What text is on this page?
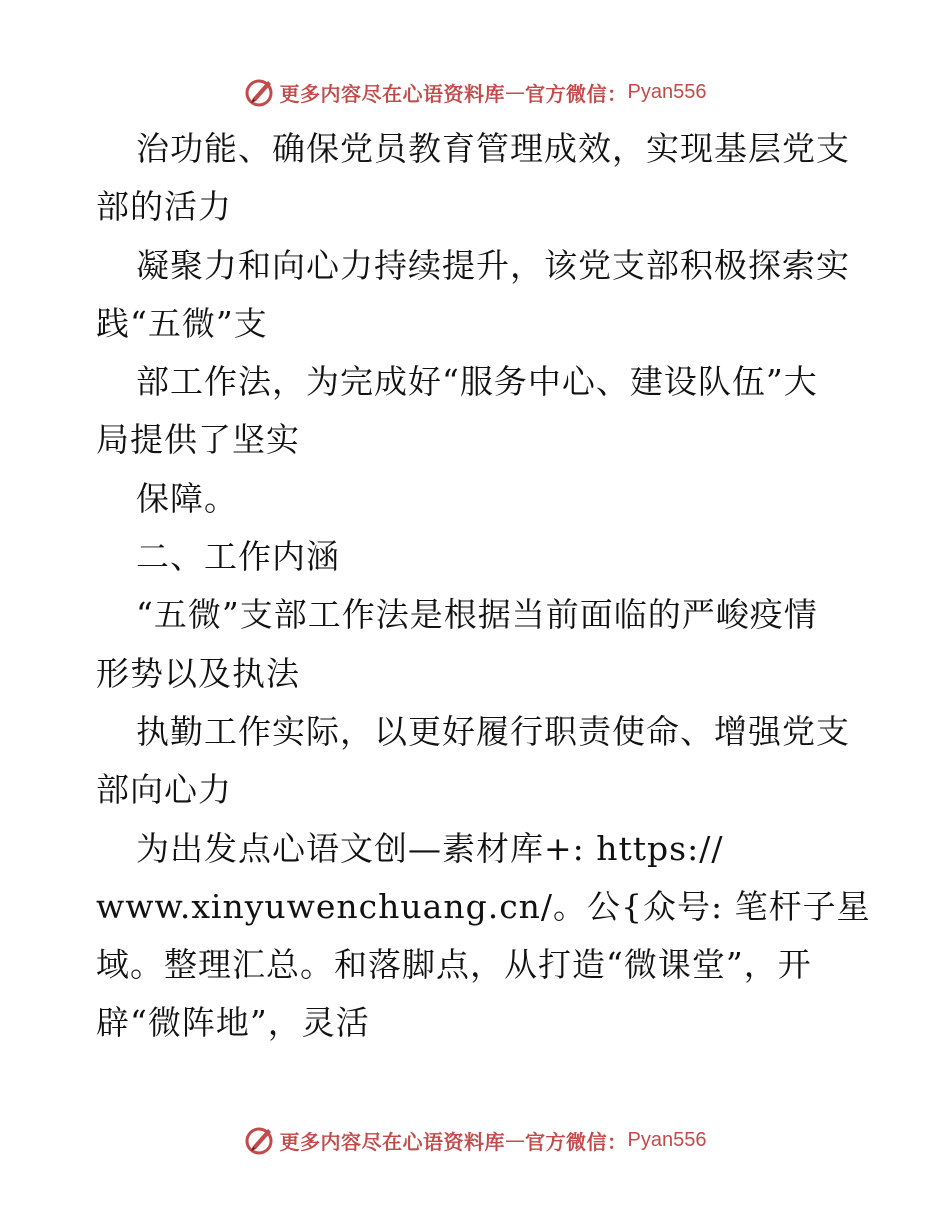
更多内容尽在心语资料库 — 官方微信： Pyan556
治功能、确保党员教育管理成效，实现基层党支
部的活力
凝聚力和向心力持续提升，该党支部积极探索实
践“五微”支
部工作法，为完成好“服务中心、建设队伍”大
局提供了坚实
保障。
二、工作内涵
“五微”支部工作法是根据当前面临的严峻疫情
形势以及执法
执勤工作实际，以更好履行职责使命、增强党支
部向心力
为出发点心语文创—素材库+: https://
www.xinyuwenchuang.cn/。公{众号: 笔杆子星
域。整理汇总。和落脚点，从打造“微课堂”，开
辟“微阵地”，灵活
更多内容尽在心语资料库 — 官方微信： Pyan556
